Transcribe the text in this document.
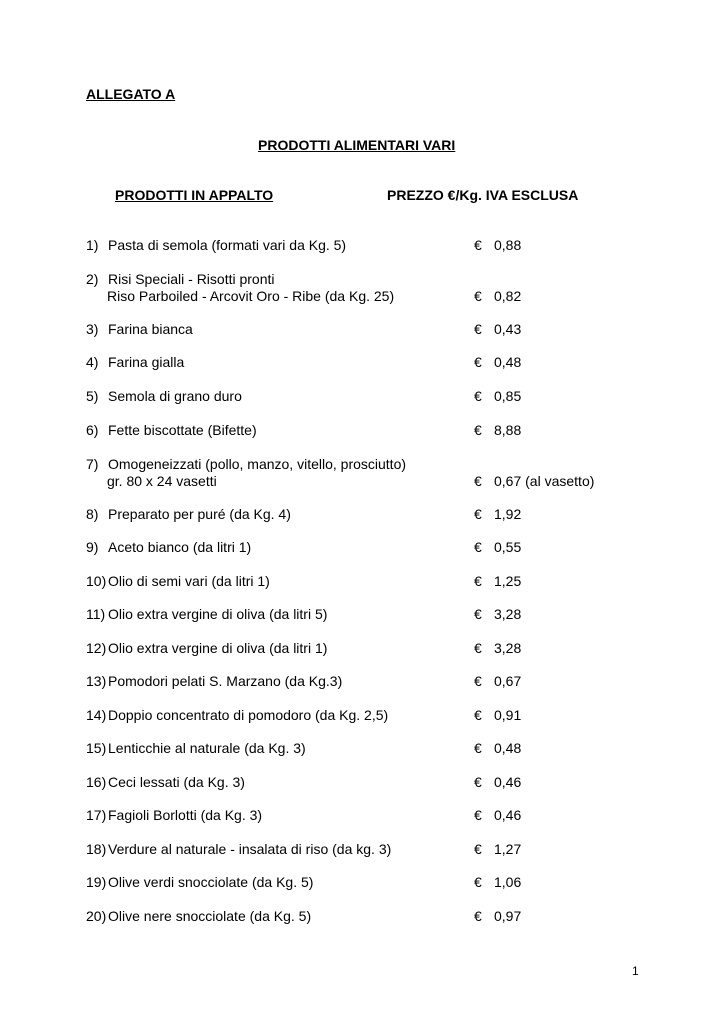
ALLEGATO A
PRODOTTI ALIMENTARI VARI
PRODOTTI IN APPALTO	PREZZO €/Kg. IVA ESCLUSA
1) Pasta di semola (formati vari da Kg. 5)	€ 0,88
2) Risi Speciali - Risotti pronti
Riso Parboiled - Arcovit Oro - Ribe (da Kg. 25)	€ 0,82
3) Farina bianca	€ 0,43
4) Farina gialla	€ 0,48
5) Semola di grano duro	€ 0,85
6) Fette biscottate (Bifette)	€ 8,88
7) Omogeneizzati (pollo, manzo, vitello, prosciutto)
gr. 80 x 24 vasetti	€ 0,67 (al vasetto)
8) Preparato per puré (da Kg. 4)	€ 1,92
9) Aceto bianco (da litri 1)	€ 0,55
10) Olio di semi vari (da litri 1)	€ 1,25
11) Olio extra vergine di oliva (da litri 5)	€ 3,28
12) Olio extra vergine di oliva (da litri 1)	€ 3,28
13) Pomodori pelati S. Marzano (da Kg.3)	€ 0,67
14) Doppio concentrato di pomodoro (da Kg. 2,5)	€ 0,91
15) Lenticchie al naturale (da Kg. 3)	€ 0,48
16) Ceci lessati (da Kg. 3)	€ 0,46
17) Fagioli Borlotti (da Kg. 3)	€ 0,46
18) Verdure al naturale - insalata di riso (da kg. 3)	€ 1,27
19) Olive verdi snocciolate (da Kg. 5)	€ 1,06
20) Olive nere snocciolate (da Kg. 5)	€ 0,97
1
